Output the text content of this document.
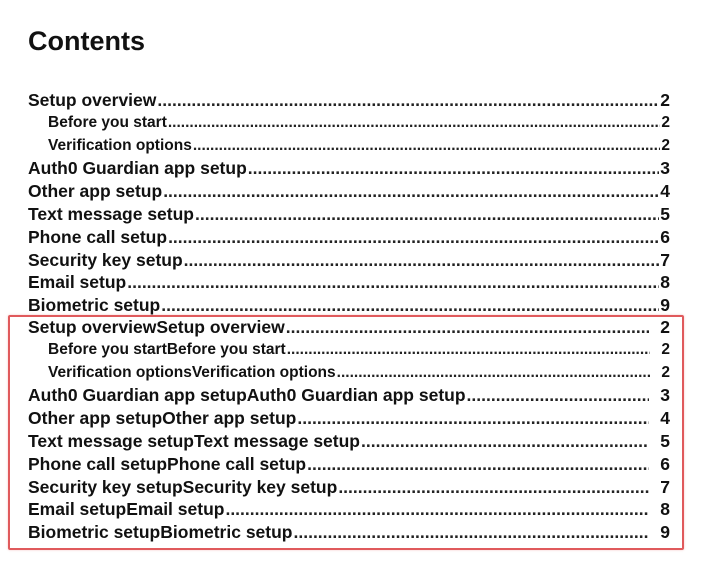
Contents
Setup overview .....	2
Before you start .....	2
Verification options .....	2
Auth0 Guardian app setup .....	3
Other app setup .....	4
Text message setup .....	5
Phone call setup .....	6
Security key setup .....	7
Email setup .....	8
Biometric setup .....	9
Setup overviewSetup overview .....	2
Before you startBefore you start .....	2
Verification optionsVerification options .....	2
Auth0 Guardian app setupAuth0 Guardian app setup .....	3
Other app setupOther app setup .....	4
Text message setupText message setup .....	5
Phone call setupPhone call setup .....	6
Security key setupSecurity key setup .....	7
Email setupEmail setup .....	8
Biometric setupBiometric setup .....	9
